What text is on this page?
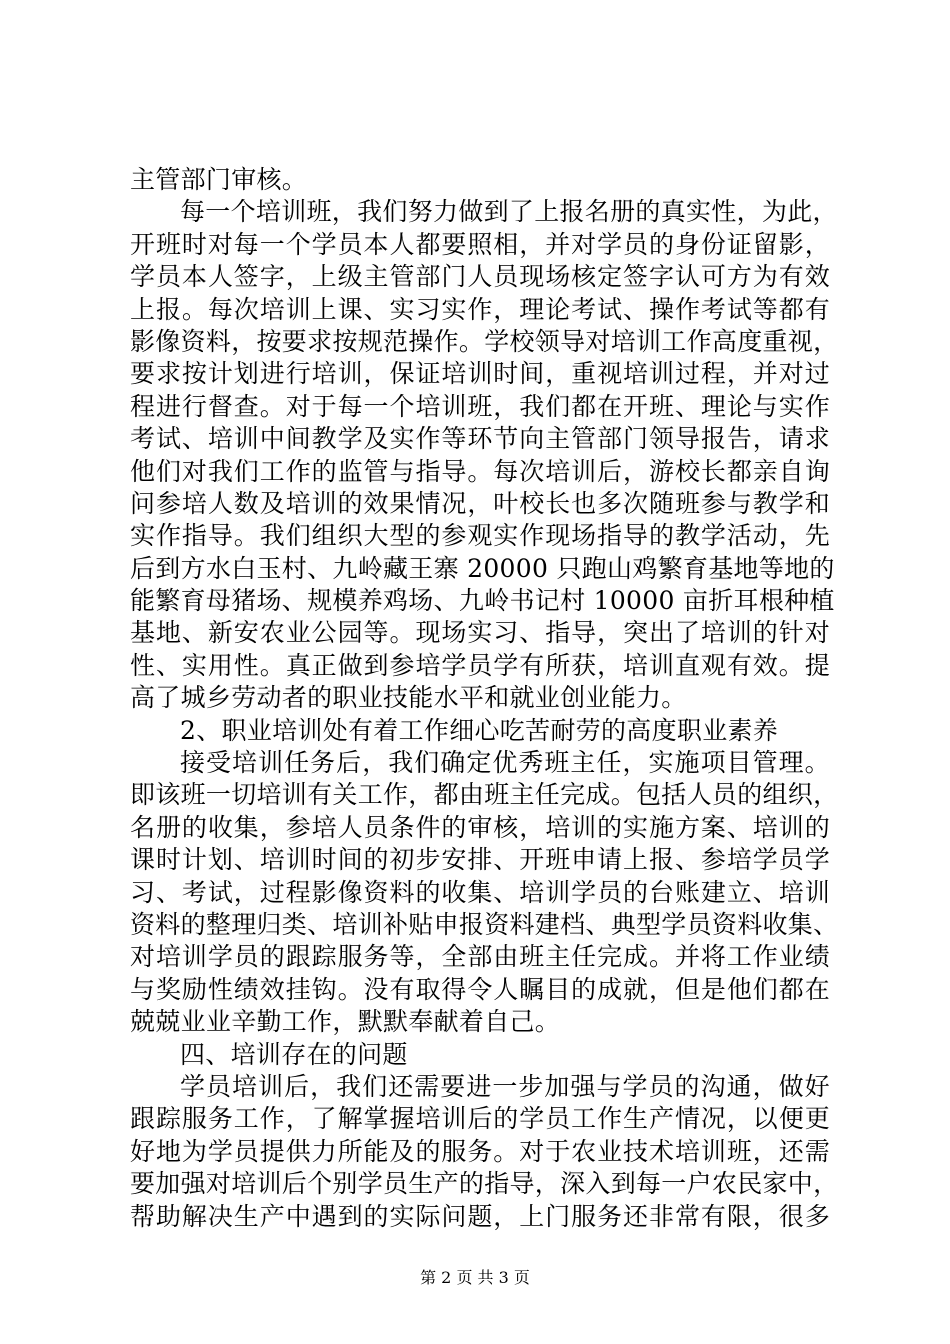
主管部门审核。
每一个培训班，我们努力做到了上报名册的真实性，为此，
开班时对每一个学员本人都要照相，并对学员的身份证留影，
学员本人签字，上级主管部门人员现场核定签字认可方为有效
上报。每次培训上课、实习实作，理论考试、操作考试等都有
影像资料，按要求按规范操作。学校领导对培训工作高度重视，
要求按计划进行培训，保证培训时间，重视培训过程，并对过
程进行督查。对于每一个培训班，我们都在开班、理论与实作
考试、培训中间教学及实作等环节向主管部门领导报告，请求
他们对我们工作的监管与指导。每次培训后，游校长都亲自询
问参培人数及培训的效果情况，叶校长也多次随班参与教学和
实作指导。我们组织大型的参观实作现场指导的教学活动，先
后到方水白玉村、九岭藏王寨 20000 只跑山鸡繁育基地等地的
能繁育母猪场、规模养鸡场、九岭书记村 10000 亩折耳根种植
基地、新安农业公园等。现场实习、指导，突出了培训的针对
性、实用性。真正做到参培学员学有所获，培训直观有效。提
高了城乡劳动者的职业技能水平和就业创业能力。
2、职业培训处有着工作细心吃苦耐劳的高度职业素养
接受培训任务后，我们确定优秀班主任，实施项目管理。
即该班一切培训有关工作，都由班主任完成。包括人员的组织，
名册的收集，参培人员条件的审核，培训的实施方案、培训的
课时计划、培训时间的初步安排、开班申请上报、参培学员学
习、考试，过程影像资料的收集、培训学员的台账建立、培训
资料的整理归类、培训补贴申报资料建档、典型学员资料收集、
对培训学员的跟踪服务等，全部由班主任完成。并将工作业绩
与奖励性绩效挂钩。没有取得令人瞩目的成就，但是他们都在
兢兢业业辛勤工作，默默奉献着自己。
四、培训存在的问题
学员培训后，我们还需要进一步加强与学员的沟通，做好
跟踪服务工作，了解掌握培训后的学员工作生产情况，以便更
好地为学员提供力所能及的服务。对于农业技术培训班，还需
要加强对培训后个别学员生产的指导，深入到每一户农民家中，
帮助解决生产中遇到的实际问题，上门服务还非常有限，很多
第 2 页 共 3 页
